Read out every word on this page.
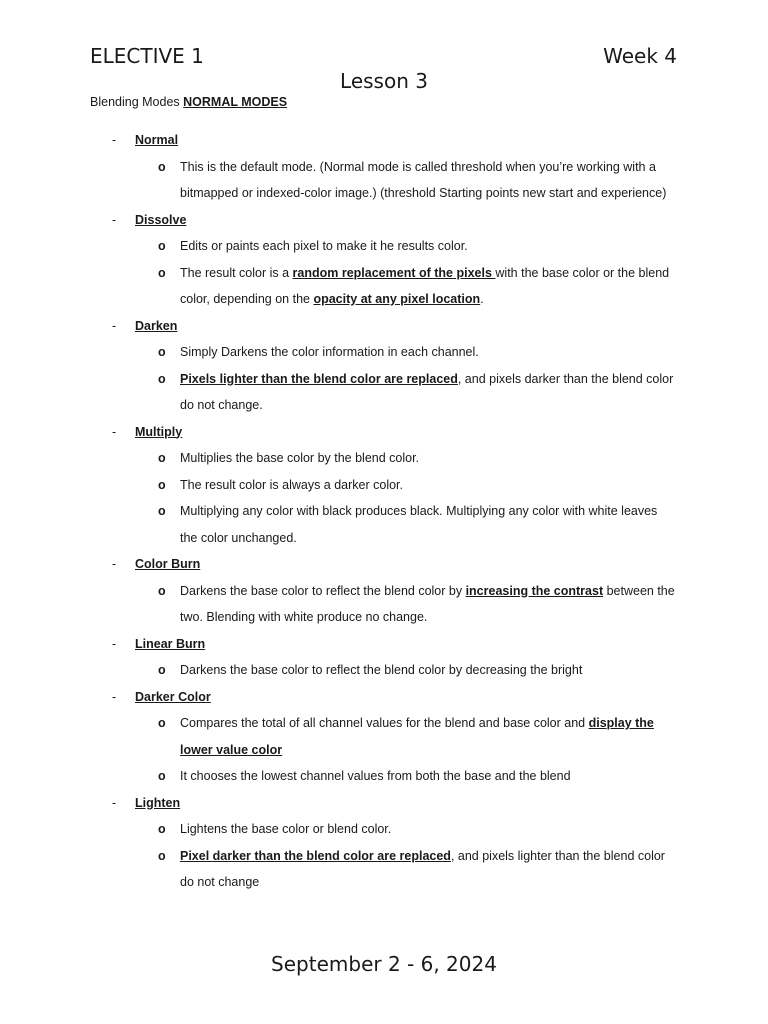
ELECTIVE 1	Week 4
Lesson 3
Blending Modes NORMAL MODES
- Normal
o This is the default mode. (Normal mode is called threshold when you’re working with a
bitmapped or indexed-color image.) (threshold Starting points new start and experience)
- Dissolve
o Edits or paints each pixel to make it he results color.
o The result color is a random replacement of the pixels with the base color or the blend
color, depending on the opacity at any pixel location.
- Darken
o Simply Darkens the color information in each channel.
o Pixels lighter than the blend color are replaced, and pixels darker than the blend color
do not change.
- Multiply
o Multiplies the base color by the blend color.
o The result color is always a darker color.
o Multiplying any color with black produces black. Multiplying any color with white leaves
the color unchanged.
- Color Burn
o Darkens the base color to reflect the blend color by increasing the contrast between the
two. Blending with white produce no change.
- Linear Burn
o Darkens the base color to reflect the blend color by decreasing the bright
- Darker Color
o Compares the total of all channel values for the blend and base color and display the
lower value color
o It chooses the lowest channel values from both the base and the blend
- Lighten
o Lightens the base color or blend color.
o Pixel darker than the blend color are replaced, and pixels lighter than the blend color
do not change
September 2 - 6, 2024
